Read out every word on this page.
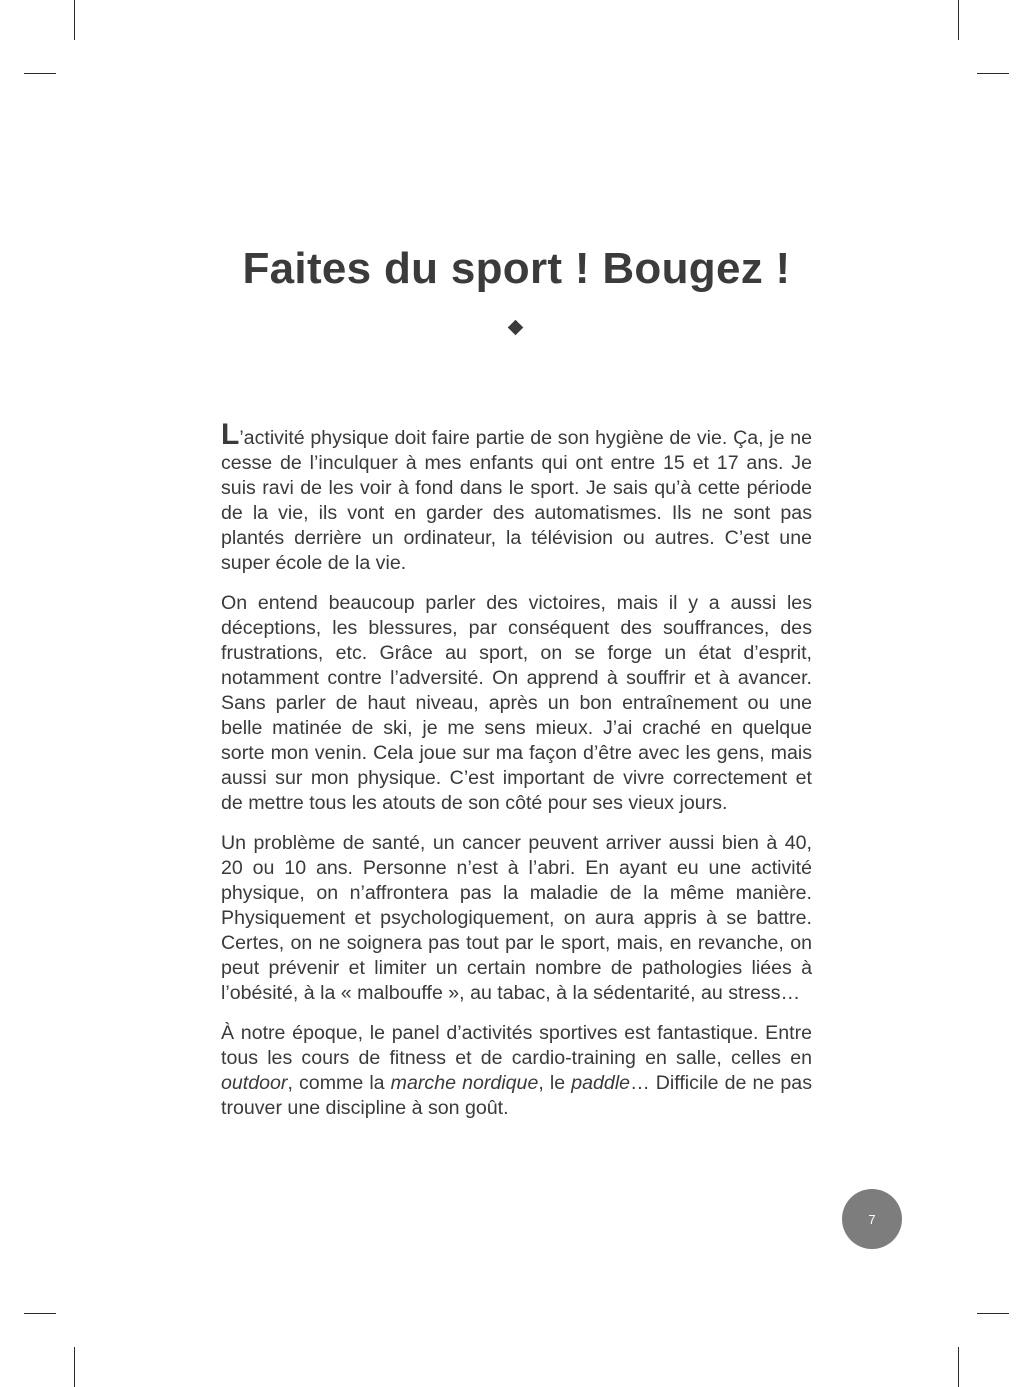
Faites du sport ! Bougez !

L’activité physique doit faire partie de son hygiène de vie. Ça, je ne cesse de l’inculquer à mes enfants qui ont entre 15 et 17 ans. Je suis ravi de les voir à fond dans le sport. Je sais qu’à cette période de la vie, ils vont en garder des automatismes. Ils ne sont pas plantés derrière un ordinateur, la télévision ou autres. C’est une super école de la vie.

On entend beaucoup parler des victoires, mais il y a aussi les déceptions, les blessures, par conséquent des souffrances, des frustrations, etc. Grâce au sport, on se forge un état d’esprit, notamment contre l’adversité. On apprend à souffrir et à avancer. Sans parler de haut niveau, après un bon entraînement ou une belle matinée de ski, je me sens mieux. J’ai craché en quelque sorte mon venin. Cela joue sur ma façon d’être avec les gens, mais aussi sur mon physique. C’est important de vivre correctement et de mettre tous les atouts de son côté pour ses vieux jours.

Un problème de santé, un cancer peuvent arriver aussi bien à 40, 20 ou 10 ans. Personne n’est à l’abri. En ayant eu une activité physique, on n’affrontera pas la maladie de la même manière. Physiquement et psychologiquement, on aura appris à se battre. Certes, on ne soignera pas tout par le sport, mais, en revanche, on peut prévenir et limiter un certain nombre de pathologies liées à l’obésité, à la « malbouffe », au tabac, à la sédentarité, au stress…

À notre époque, le panel d’activités sportives est fantastique. Entre tous les cours de fitness et de cardio-training en salle, celles en outdoor, comme la marche nordique, le paddle… Difficile de ne pas trouver une discipline à son goût.

7
